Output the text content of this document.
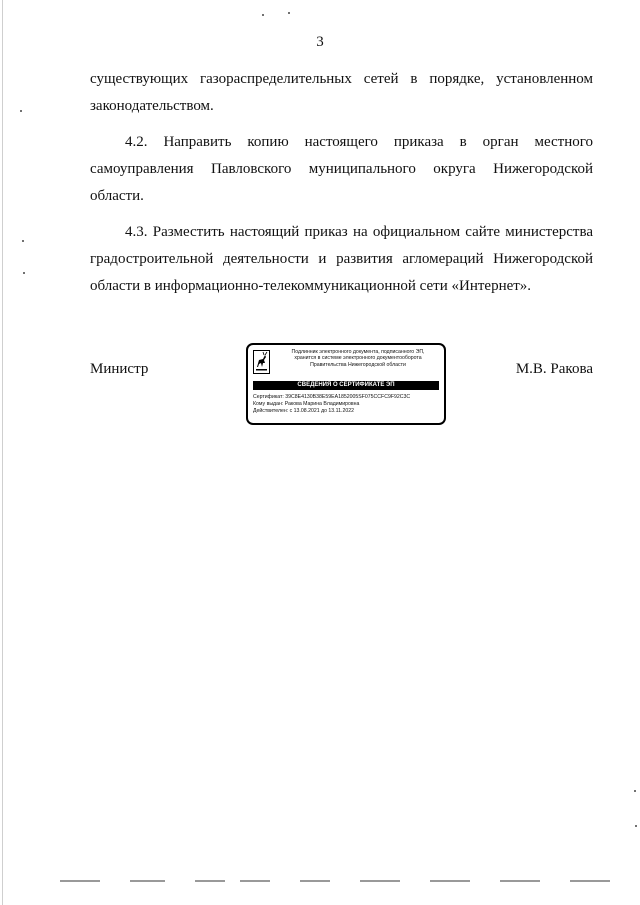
3

существующих газораспределительных сетей в порядке, установленном законодательством.

4.2. Направить копию настоящего приказа в орган местного самоуправления Павловского муниципального округа Нижегородской области.

4.3. Разместить настоящий приказ на официальном сайте министерства градостроительной деятельности и развития агломераций Нижегородской области в информационно-телекоммуникационной сети «Интернет».

Министр	М.В. Ракова
Подлинник электронного документа, подписанного ЭП,
хранится в системе электронного документооборота
Правительства Нижегородской области
СВЕДЕНИЯ О СЕРТИФИКАТЕ ЭП
Сертификат: 39C8E4130B38E59EA1852005SF075CCFC9F92C3C
Кому выдан: Ракова Марина Владимировна
Действителен: с 13.08.2021 до 13.11.2022
